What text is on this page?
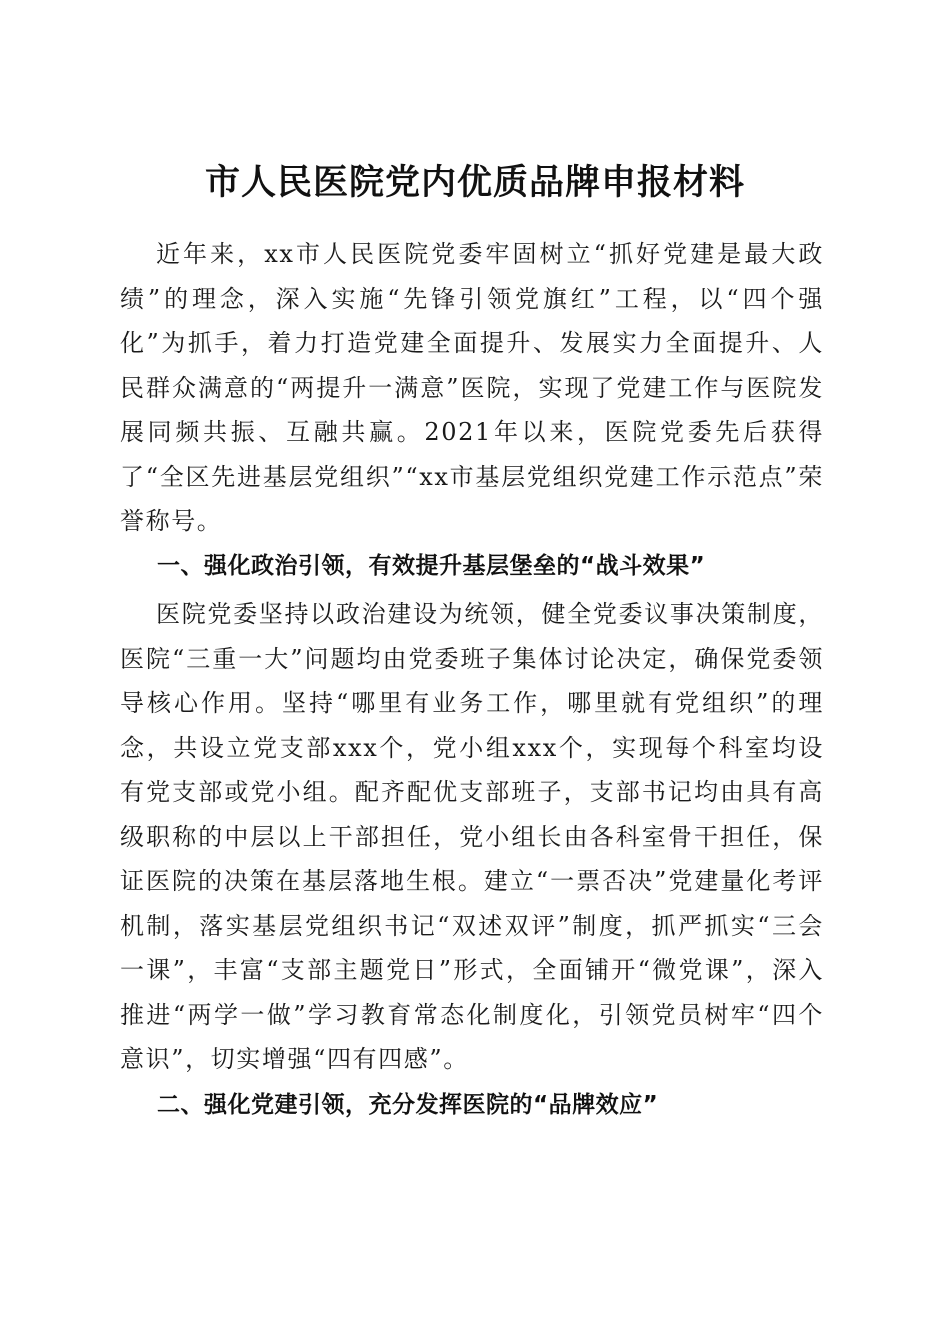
市人民医院党内优质品牌申报材料

近年来，xx市人民医院党委牢固树立“抓好党建是最大政绩”的理念，深入实施“先锋引领党旗红”工程，以“四个强化”为抓手，着力打造党建全面提升、发展实力全面提升、人民群众满意的“两提升一满意”医院，实现了党建工作与医院发展同频共振、互融共赢。2021年以来，医院党委先后获得了“全区先进基层党组织”“xx市基层党组织党建工作示范点”荣誉称号。

一、强化政治引领，有效提升基层堡垒的“战斗效果”

医院党委坚持以政治建设为统领，健全党委议事决策制度，医院“三重一大”问题均由党委班子集体讨论决定，确保党委领导核心作用。坚持“哪里有业务工作，哪里就有党组织”的理念，共设立党支部xxx个，党小组xxx个，实现每个科室均设有党支部或党小组。配齐配优支部班子，支部书记均由具有高级职称的中层以上干部担任，党小组长由各科室骨干担任，保证医院的决策在基层落地生根。建立“一票否决”党建量化考评机制，落实基层党组织书记“双述双评”制度，抓严抓实“三会一课”，丰富“支部主题党日”形式，全面铺开“微党课”，深入推进“两学一做”学习教育常态化制度化，引领党员树牢“四个意识”，切实增强“四有四感”。

二、强化党建引领，充分发挥医院的“品牌效应”
